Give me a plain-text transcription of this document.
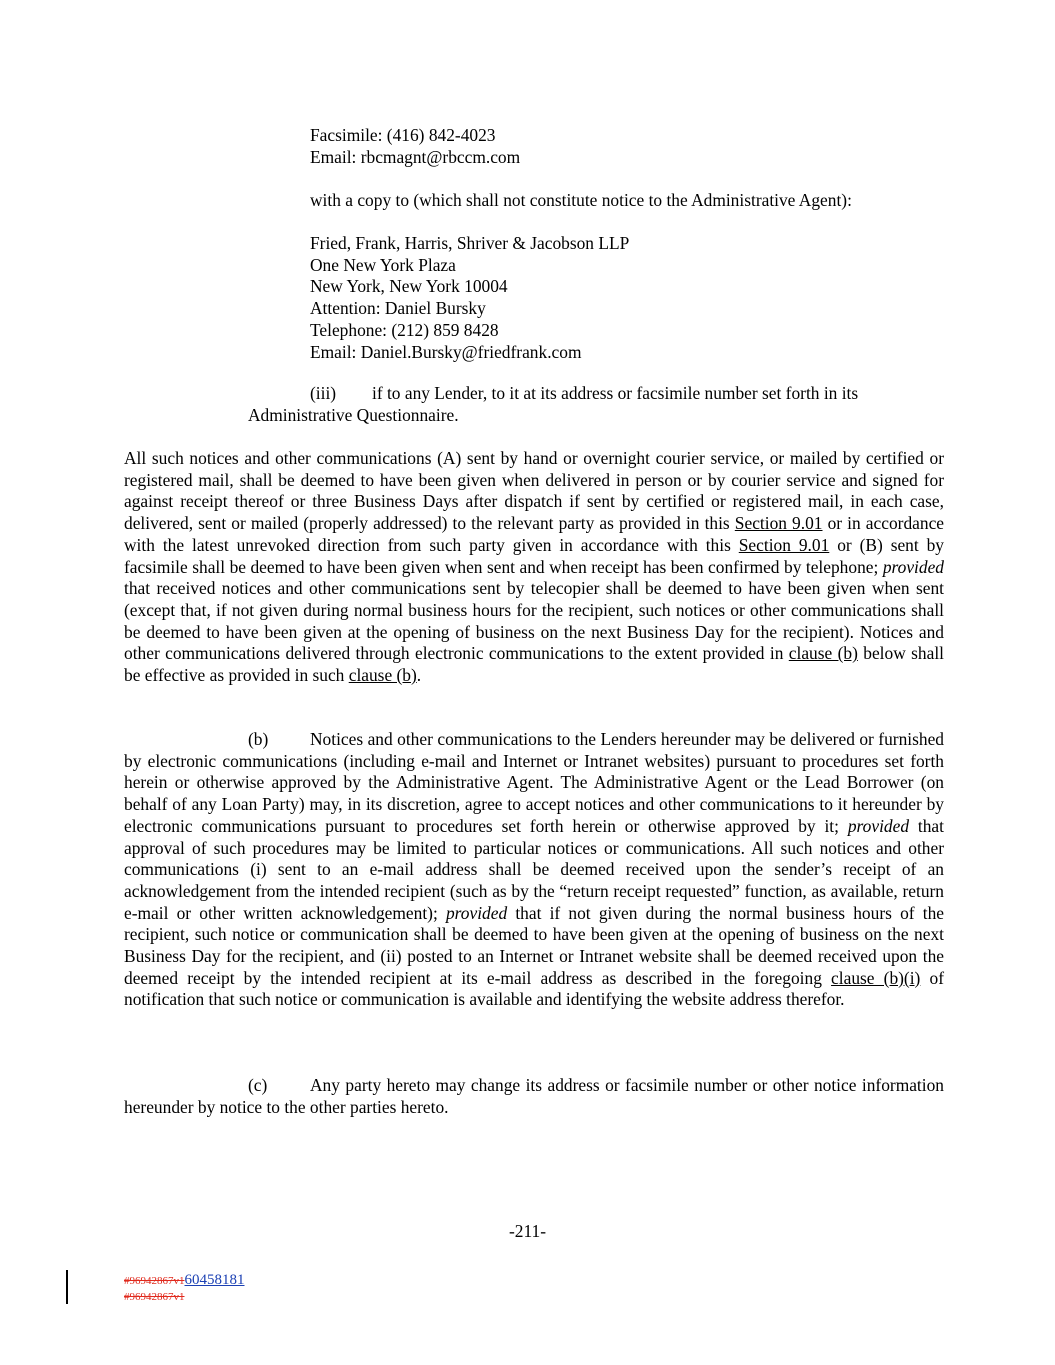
Facsimile: (416) 842-4023
Email: rbcmagnt@rbccm.com
with a copy to (which shall not constitute notice to the Administrative Agent):
Fried, Frank, Harris, Shriver & Jacobson LLP
One New York Plaza
New York, New York 10004
Attention: Daniel Bursky
Telephone: (212) 859 8428
Email: Daniel.Bursky@friedfrank.com
(iii) if to any Lender, to it at its address or facsimile number set forth in its
Administrative Questionnaire.

All such notices and other communications (A) sent by hand or overnight courier service, or mailed by certified or registered mail, shall be deemed to have been given when delivered in person or by courier service and signed for against receipt thereof or three Business Days after dispatch if sent by certified or registered mail, in each case, delivered, sent or mailed (properly addressed) to the relevant party as provided in this Section 9.01 or in accordance with the latest unrevoked direction from such party given in accordance with this Section 9.01 or (B) sent by facsimile shall be deemed to have been given when sent and when receipt has been confirmed by telephone; provided that received notices and other communications sent by telecopier shall be deemed to have been given when sent (except that, if not given during normal business hours for the recipient, such notices or other communications shall be deemed to have been given at the opening of business on the next Business Day for the recipient). Notices and other communications delivered through electronic communications to the extent provided in clause (b) below shall be effective as provided in such clause (b).

(b) Notices and other communications to the Lenders hereunder may be delivered or furnished by electronic communications (including e-mail and Internet or Intranet websites) pursuant to procedures set forth herein or otherwise approved by the Administrative Agent. The Administrative Agent or the Lead Borrower (on behalf of any Loan Party) may, in its discretion, agree to accept notices and other communications to it hereunder by electronic communications pursuant to procedures set forth herein or otherwise approved by it; provided that approval of such procedures may be limited to particular notices or communications. All such notices and other communications (i) sent to an e-mail address shall be deemed received upon the sender’s receipt of an acknowledgement from the intended recipient (such as by the “return receipt requested” function, as available, return e-mail or other written acknowledgement); provided that if not given during the normal business hours of the recipient, such notice or communication shall be deemed to have been given at the opening of business on the next Business Day for the recipient, and (ii) posted to an Internet or Intranet website shall be deemed received upon the deemed receipt by the intended recipient at its e-mail address as described in the foregoing clause (b)(i) of notification that such notice or communication is available and identifying the website address therefor.

(c) Any party hereto may change its address or facsimile number or other notice information hereunder by notice to the other parties hereto.

-211-
#96942867v160458181
#96942867v1
